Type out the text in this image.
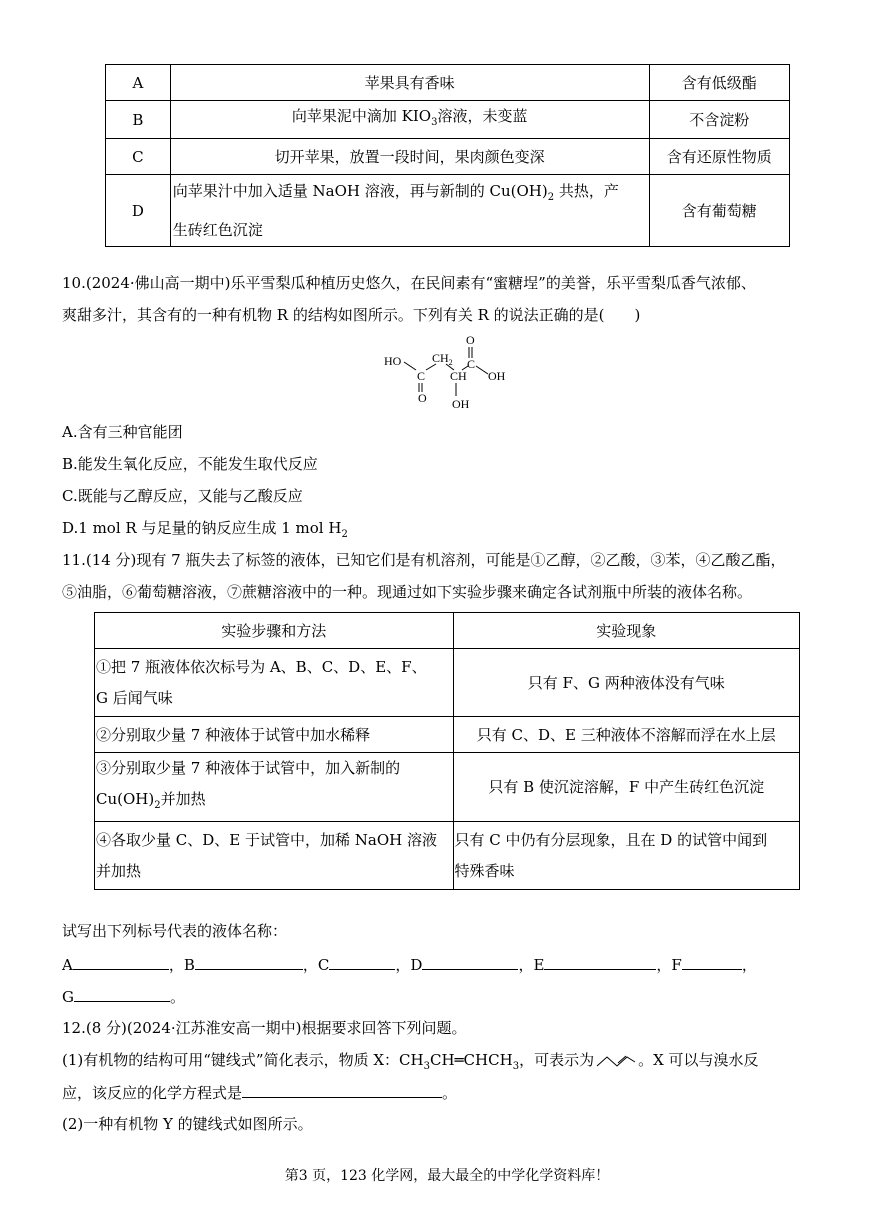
A	苹果具有香味	含有低级酯
B	向苹果泥中滴加 $KIO_3$溶液，未变蓝	不含淀粉
C	切开苹果，放置一段时间，果肉颜色变深	含有还原性物质
D	向苹果汁中加入适量 NaOH 溶液，再与新制的 $Cu(OH)_2$ 共热，产
生砖红色沉淀	含有葡萄糖
10.(2024·佛山高一期中)乐平雪梨瓜种植历史悠久，在民间素有“蜜糖埕”的美誉，乐平雪梨瓜香气浓郁、
爽甜多汁，其含有的一种有机物 R 的结构如图所示。下列有关 R 的说法正确的是(　　)
HO
C
O
$CH_2$
CH
C
O
OH
OH
A.含有三种官能团
B.能发生氧化反应，不能发生取代反应
C.既能与乙醇反应，又能与乙酸反应
D.1 mol R 与足量的钠反应生成 1 mol $H_2$
11.(14 分)现有 7 瓶失去了标签的液体，已知它们是有机溶剂，可能是①乙醇，②乙酸，③苯，④乙酸乙酯，
⑤油脂，⑥葡萄糖溶液，⑦蔗糖溶液中的一种。现通过如下实验步骤来确定各试剂瓶中所装的液体名称。
实验步骤和方法	实验现象
①把 7 瓶液体依次标号为 A、B、C、D、E、F、
G 后闻气味	只有 F、G 两种液体没有气味
②分别取少量 7 种液体于试管中加水稀释	只有 C、D、E 三种液体不溶解而浮在水上层
③分别取少量 7 种液体于试管中，加入新制的
$Cu(OH)_2$并加热	只有 B 使沉淀溶解，F 中产生砖红色沉淀
④各取少量 C、D、E 于试管中，加稀 NaOH 溶液
并加热	只有 C 中仍有分层现象，且在 D 的试管中闻到
特殊香味
试写出下列标号代表的液体名称：
A	，B	，C	，D	，E	，F	，
G	。
12.(8 分)(2024·江苏淮安高一期中)根据要求回答下列问题。
(1)有机物的结构可用“键线式”简化表示，物质 X：$CH_3CH═CHCH_3$，可表示为	。X 可以与溴水反
应，该反应的化学方程式是	。
(2)一种有机物 Y 的键线式如图所示。
第3 页，123 化学网，最大最全的中学化学资料库！
